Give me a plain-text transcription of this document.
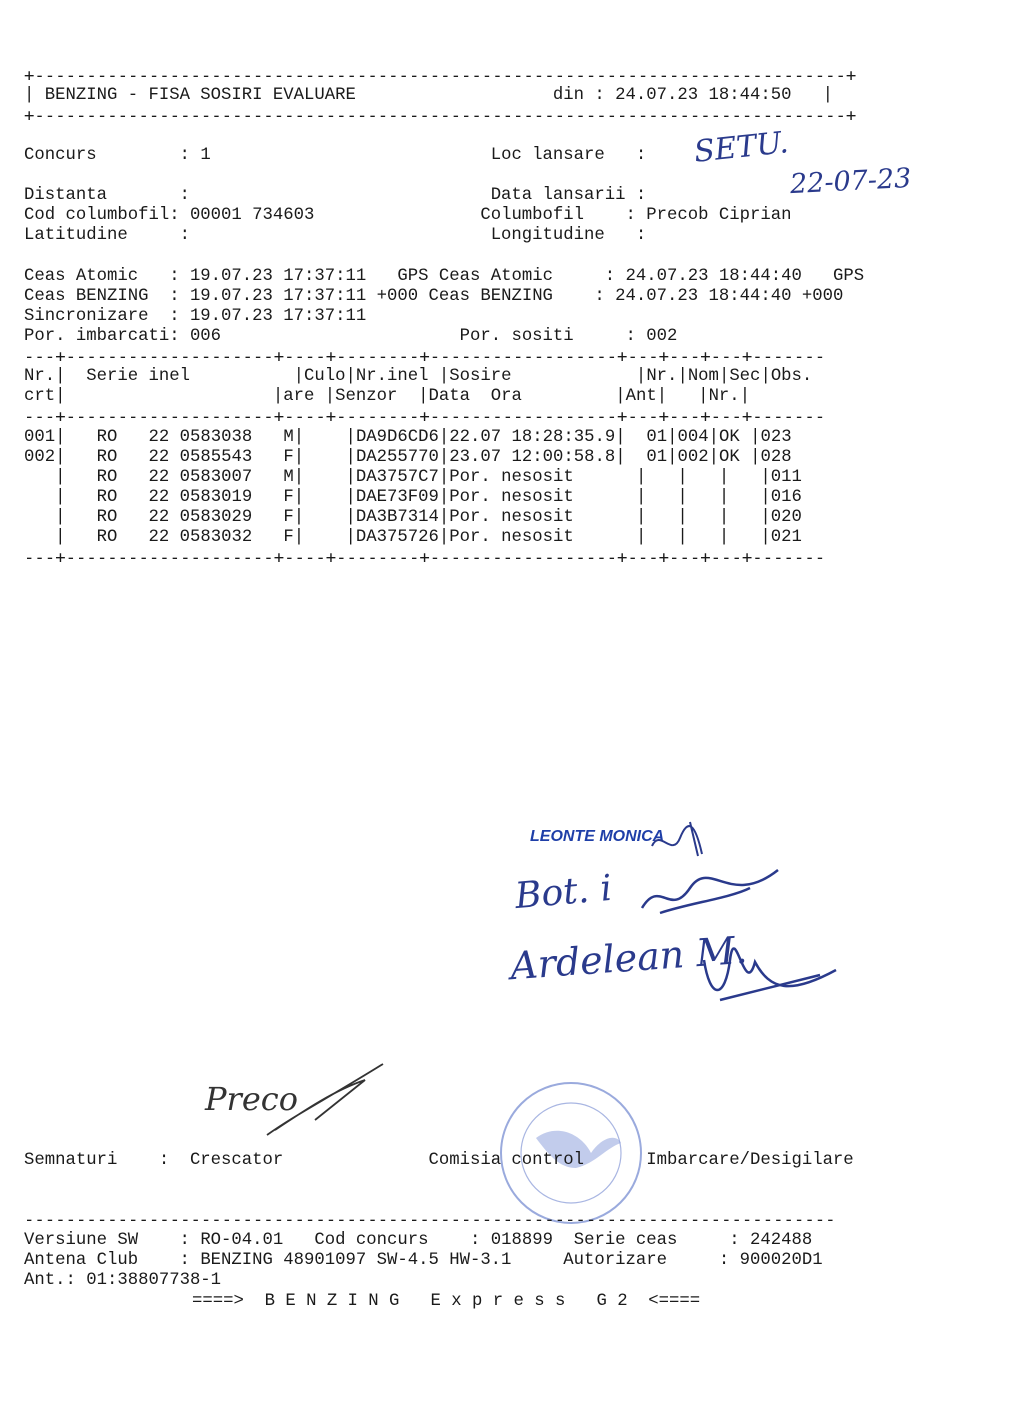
+------------------------------------------------------------------------------+
| BENZING - FISA SOSIRI EVALUARE	din : 24.07.23 18:44:50   |
+------------------------------------------------------------------------------+
Concurs        : 1	Loc lansare   : SETU.
22-07-23
Distanta       :	Data lansarii :
Cod columbofil: 00001 734603	Columbofil    : Precob Ciprian
Latitudine     :	Longitudine   :
Ceas Atomic   : 19.07.23 17:37:11 GPS Ceas Atomic     : 24.07.23 18:44:40 GPS
Ceas BENZING  : 19.07.23 17:37:11 +000 Ceas BENZING    : 24.07.23 18:44:40 +000
Sincronizare  : 19.07.23 17:37:11
Por. imbarcati: 006	Por. sositi     : 002
---+--------------------+----+--------+------------------+---+---+---+-------
Nr.|  Serie inel          |Culo|Nr.inel |Sosire            |Nr.|Nom|Sec|Obs.
crt|                    |are |Senzor  |Data  Ora         |Ant|   |Nr.|
---+--------------------+----+--------+------------------+---+---+---+-------
001|   RO 22 0583038 M|    |DA9D6CD6|22.07 18:28:35.9|  01|004|OK |023
002|   RO 22 0585543 F|    |DA255770|23.07 12:00:58.8|  01|002|OK |028
|   RO 22 0583007 M|    |DA3757C7|Por. nesosit      |   |   |   |011
|   RO 22 0583019 F|    |DAE73F09|Por. nesosit      |   |   |   |016
|   RO 22 0583029 F|    |DA3B7314|Por. nesosit      |   |   |   |020
|   RO 22 0583032 F|    |DA375726|Por. nesosit      |   |   |   |021
---+--------------------+----+--------+------------------+---+---+---+-------
LEONTE MONICA
Bot. i
Ardelean M.
Preco
Semnaturi    :  Crescator	Comisia control	Imbarcare/Desigilare
------------------------------------------------------------------------------
Versiune SW    : RO-04.01 Cod concurs    : 018899 Serie ceas     : 242488
Antena Club    : BENZING 48901097 SW-4.5 HW-3.1	Autorizare     : 900020D1
Ant.: 01:38807738-1
====>  B E N Z I N G   E x p r e s s   G 2  <====
